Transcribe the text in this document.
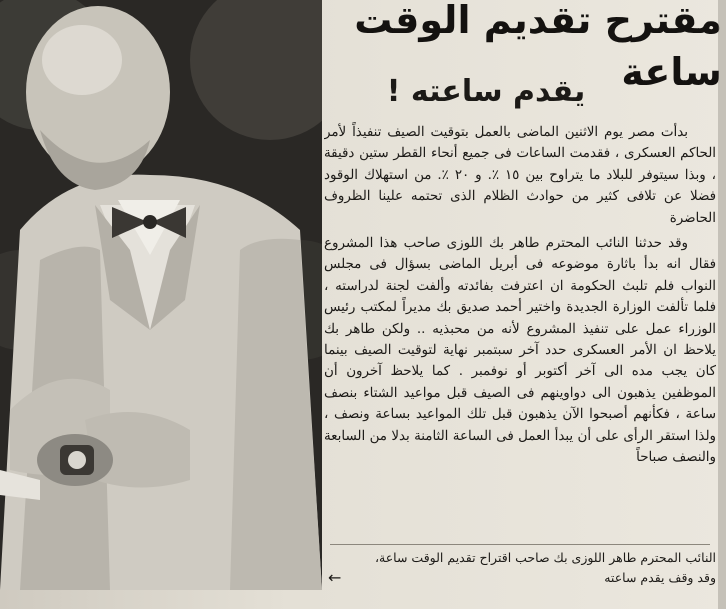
مقترح تقديم الوقت ساعة
يقدم ساعته !

بدأت مصر يوم الاثنين الماضى بالعمل بتوقيت الصيف تنفيذاً لأمر الحاكم العسكرى ، فقدمت الساعات فى جميع أنحاء القطر ستين دقيقة ، وبذا سيتوفر للبلاد ما يتراوح بين ١٥ ٪. و ٢٠ ٪. من استهلاك الوقود فضلا عن تلافى كثير من حوادث الظلام الذى تحتمه علينا الظروف الحاضرة

وقد حدثنا النائب المحترم طاهر بك اللوزى صاحب هذا المشروع فقال انه بدأ باثارة موضوعه فى أبريل الماضى بسؤال فى مجلس النواب فلم تلبث الحكومة ان اعترفت بفائدته وألفت لجنة لدراسته ، فلما تألفت الوزارة الجديدة واختير أحمد صديق بك مديراً لمكتب رئيس الوزراء عمل على تنفيذ المشروع لأنه من محبذيه .. ولكن طاهر بك يلاحظ ان الأمر العسكرى حدد آخر سبتمبر نهاية لتوقيت الصيف بينما كان يجب مده الى آخر أكتوبر أو نوفمبر . كما يلاحظ آخرون أن الموظفين يذهبون الى دواوينهم فى الصيف قبل مواعيد الشتاء بنصف ساعة ، فكأنهم أصبحوا الآن يذهبون قبل تلك المواعيد بساعة ونصف ، ولذا استقر الرأى على أن يبدأ العمل فى الساعة الثامنة بدلا من السابعة والنصف صباحاً

النائب المحترم طاهر اللوزى بك صاحب اقتراح تقديم الوقت ساعة،
وقد وقف يقدم ساعته
←
